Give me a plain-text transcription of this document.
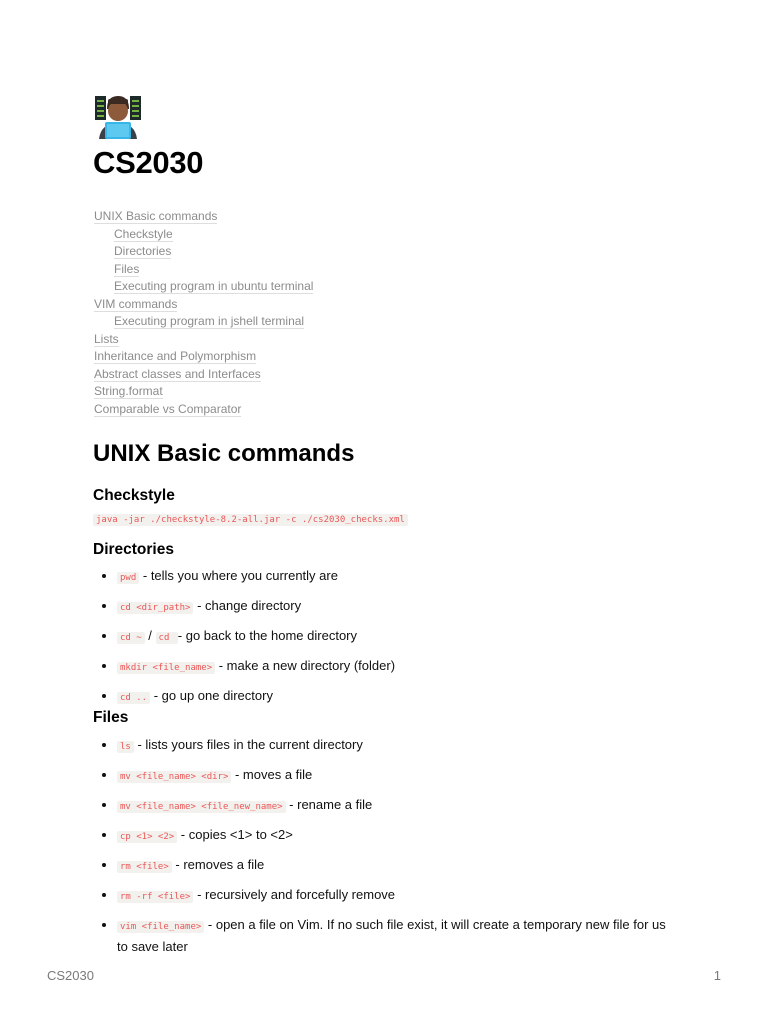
CS2030
UNIX Basic commands
Checkstyle
Directories
Files
Executing program in ubuntu terminal
VIM commands
Executing program in jshell terminal
Lists
Inheritance and Polymorphism
Abstract classes and Interfaces
String.format
Comparable vs Comparator
UNIX Basic commands
Checkstyle
java -jar ./checkstyle-8.2-all.jar -c ./cs2030_checks.xml
Directories
pwd - tells you where you currently are
cd <dir_path> - change directory
cd ~ / cd - go back to the home directory
mkdir <file_name> - make a new directory (folder)
cd .. - go up one directory
Files
ls - lists yours files in the current directory
mv <file_name> <dir> - moves a file
mv <file_name> <file_new_name> - rename a file
cp <1> <2> - copies <1> to <2>
rm <file> - removes a file
rm -rf <file> - recursively and forcefully remove
vim <file_name> - open a file on Vim. If no such file exist, it will create a temporary new file for us to save later
CS2030	1
